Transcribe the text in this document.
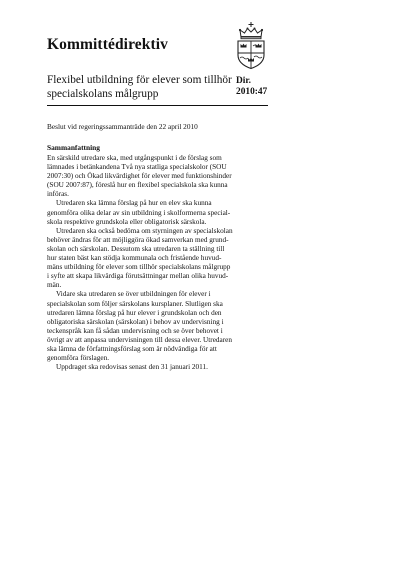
Kommittédirektiv
Flexibel utbildning för elever som tillhör
specialskolans målgrupp
Dir.
2010:47
Beslut vid regeringssammanträde den 22 april 2010
Sammanfattning

En särskild utredare ska, med utgångspunkt i de förslag som
lämnades i betänkandena Två nya statliga specialskolor (SOU
2007:30) och Ökad likvärdighet för elever med funktionshinder
(SOU 2007:87), föreslå hur en flexibel specialskola ska kunna
införas.

Utredaren ska lämna förslag på hur en elev ska kunna
genomföra olika delar av sin utbildning i skolformerna special-
skola respektive grundskola eller obligatorisk särskola.

Utredaren ska också bedöma om styrningen av specialskolan
behöver ändras för att möjliggöra ökad samverkan med grund-
skolan och särskolan. Dessutom ska utredaren ta ställning till
hur staten bäst kan stödja kommunala och fristående huvud-
mäns utbildning för elever som tillhör specialskolans målgrupp
i syfte att skapa likvärdiga förutsättningar mellan olika huvud-
män.

Vidare ska utredaren se över utbildningen för elever i
specialskolan som följer särskolans kursplaner. Slutligen ska
utredaren lämna förslag på hur elever i grundskolan och den
obligatoriska särskolan (särskolan) i behov av undervisning i
teckenspråk kan få sådan undervisning och se över behovet i
övrigt av att anpassa undervisningen till dessa elever. Utredaren
ska lämna de författningsförslag som är nödvändiga för att
genomföra förslagen.

Uppdraget ska redovisas senast den 31 januari 2011.
